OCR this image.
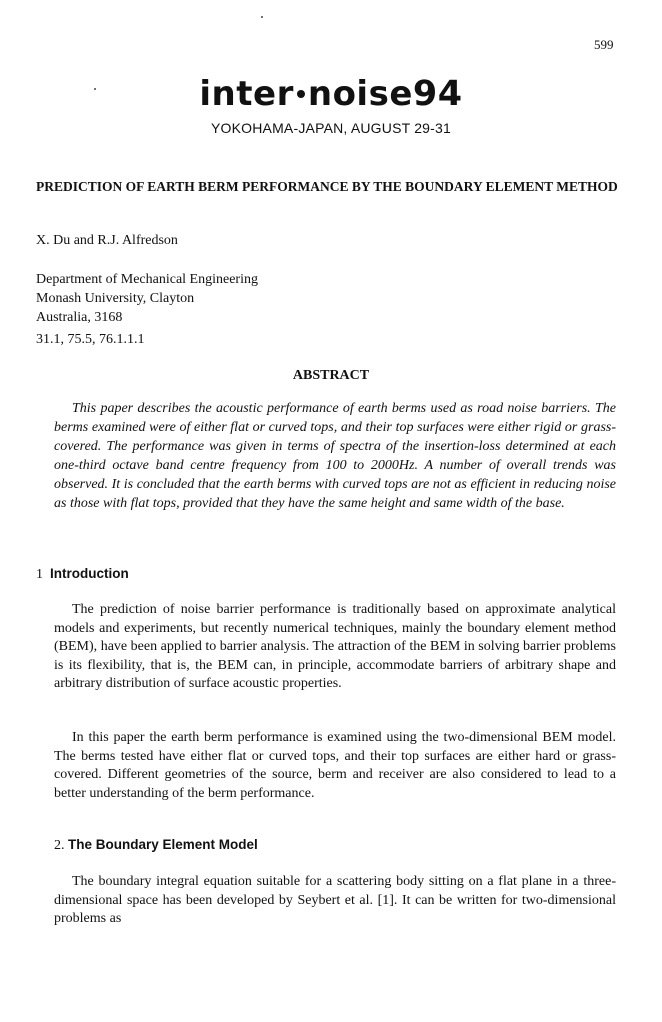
599
inter noise94
YOKOHAMA-JAPAN, AUGUST 29-31
PREDICTION OF EARTH BERM PERFORMANCE BY THE BOUNDARY ELEMENT METHOD
X. Du and R.J. Alfredson
Department of Mechanical Engineering
Monash University, Clayton
Australia, 3168
31.1, 75.5, 76.1.1.1
ABSTRACT

This paper describes the acoustic performance of earth berms used as road noise barriers. The berms examined were of either flat or curved tops, and their top surfaces were either rigid or grass-covered. The performance was given in terms of spectra of the insertion-loss determined at each one-third octave band centre frequency from 100 to 2000Hz. A number of overall trends was observed. It is concluded that the earth berms with curved tops are not as efficient in reducing noise as those with flat tops, provided that they have the same height and same width of the base.

1 Introduction

The prediction of noise barrier performance is traditionally based on approximate analytical models and experiments, but recently numerical techniques, mainly the boundary element method (BEM), have been applied to barrier analysis. The attraction of the BEM in solving barrier problems is its flexibility, that is, the BEM can, in principle, accommodate barriers of arbitrary shape and arbitrary distribution of surface acoustic properties.

In this paper the earth berm performance is examined using the two-dimensional BEM model. The berms tested have either flat or curved tops, and their top surfaces are either hard or grass-covered. Different geometries of the source, berm and receiver are also considered to lead to a better understanding of the berm performance.

2. The Boundary Element Model

The boundary integral equation suitable for a scattering body sitting on a flat plane in a three-dimensional space has been developed by Seybert et al. [1]. It can be written for two-dimensional problems as
